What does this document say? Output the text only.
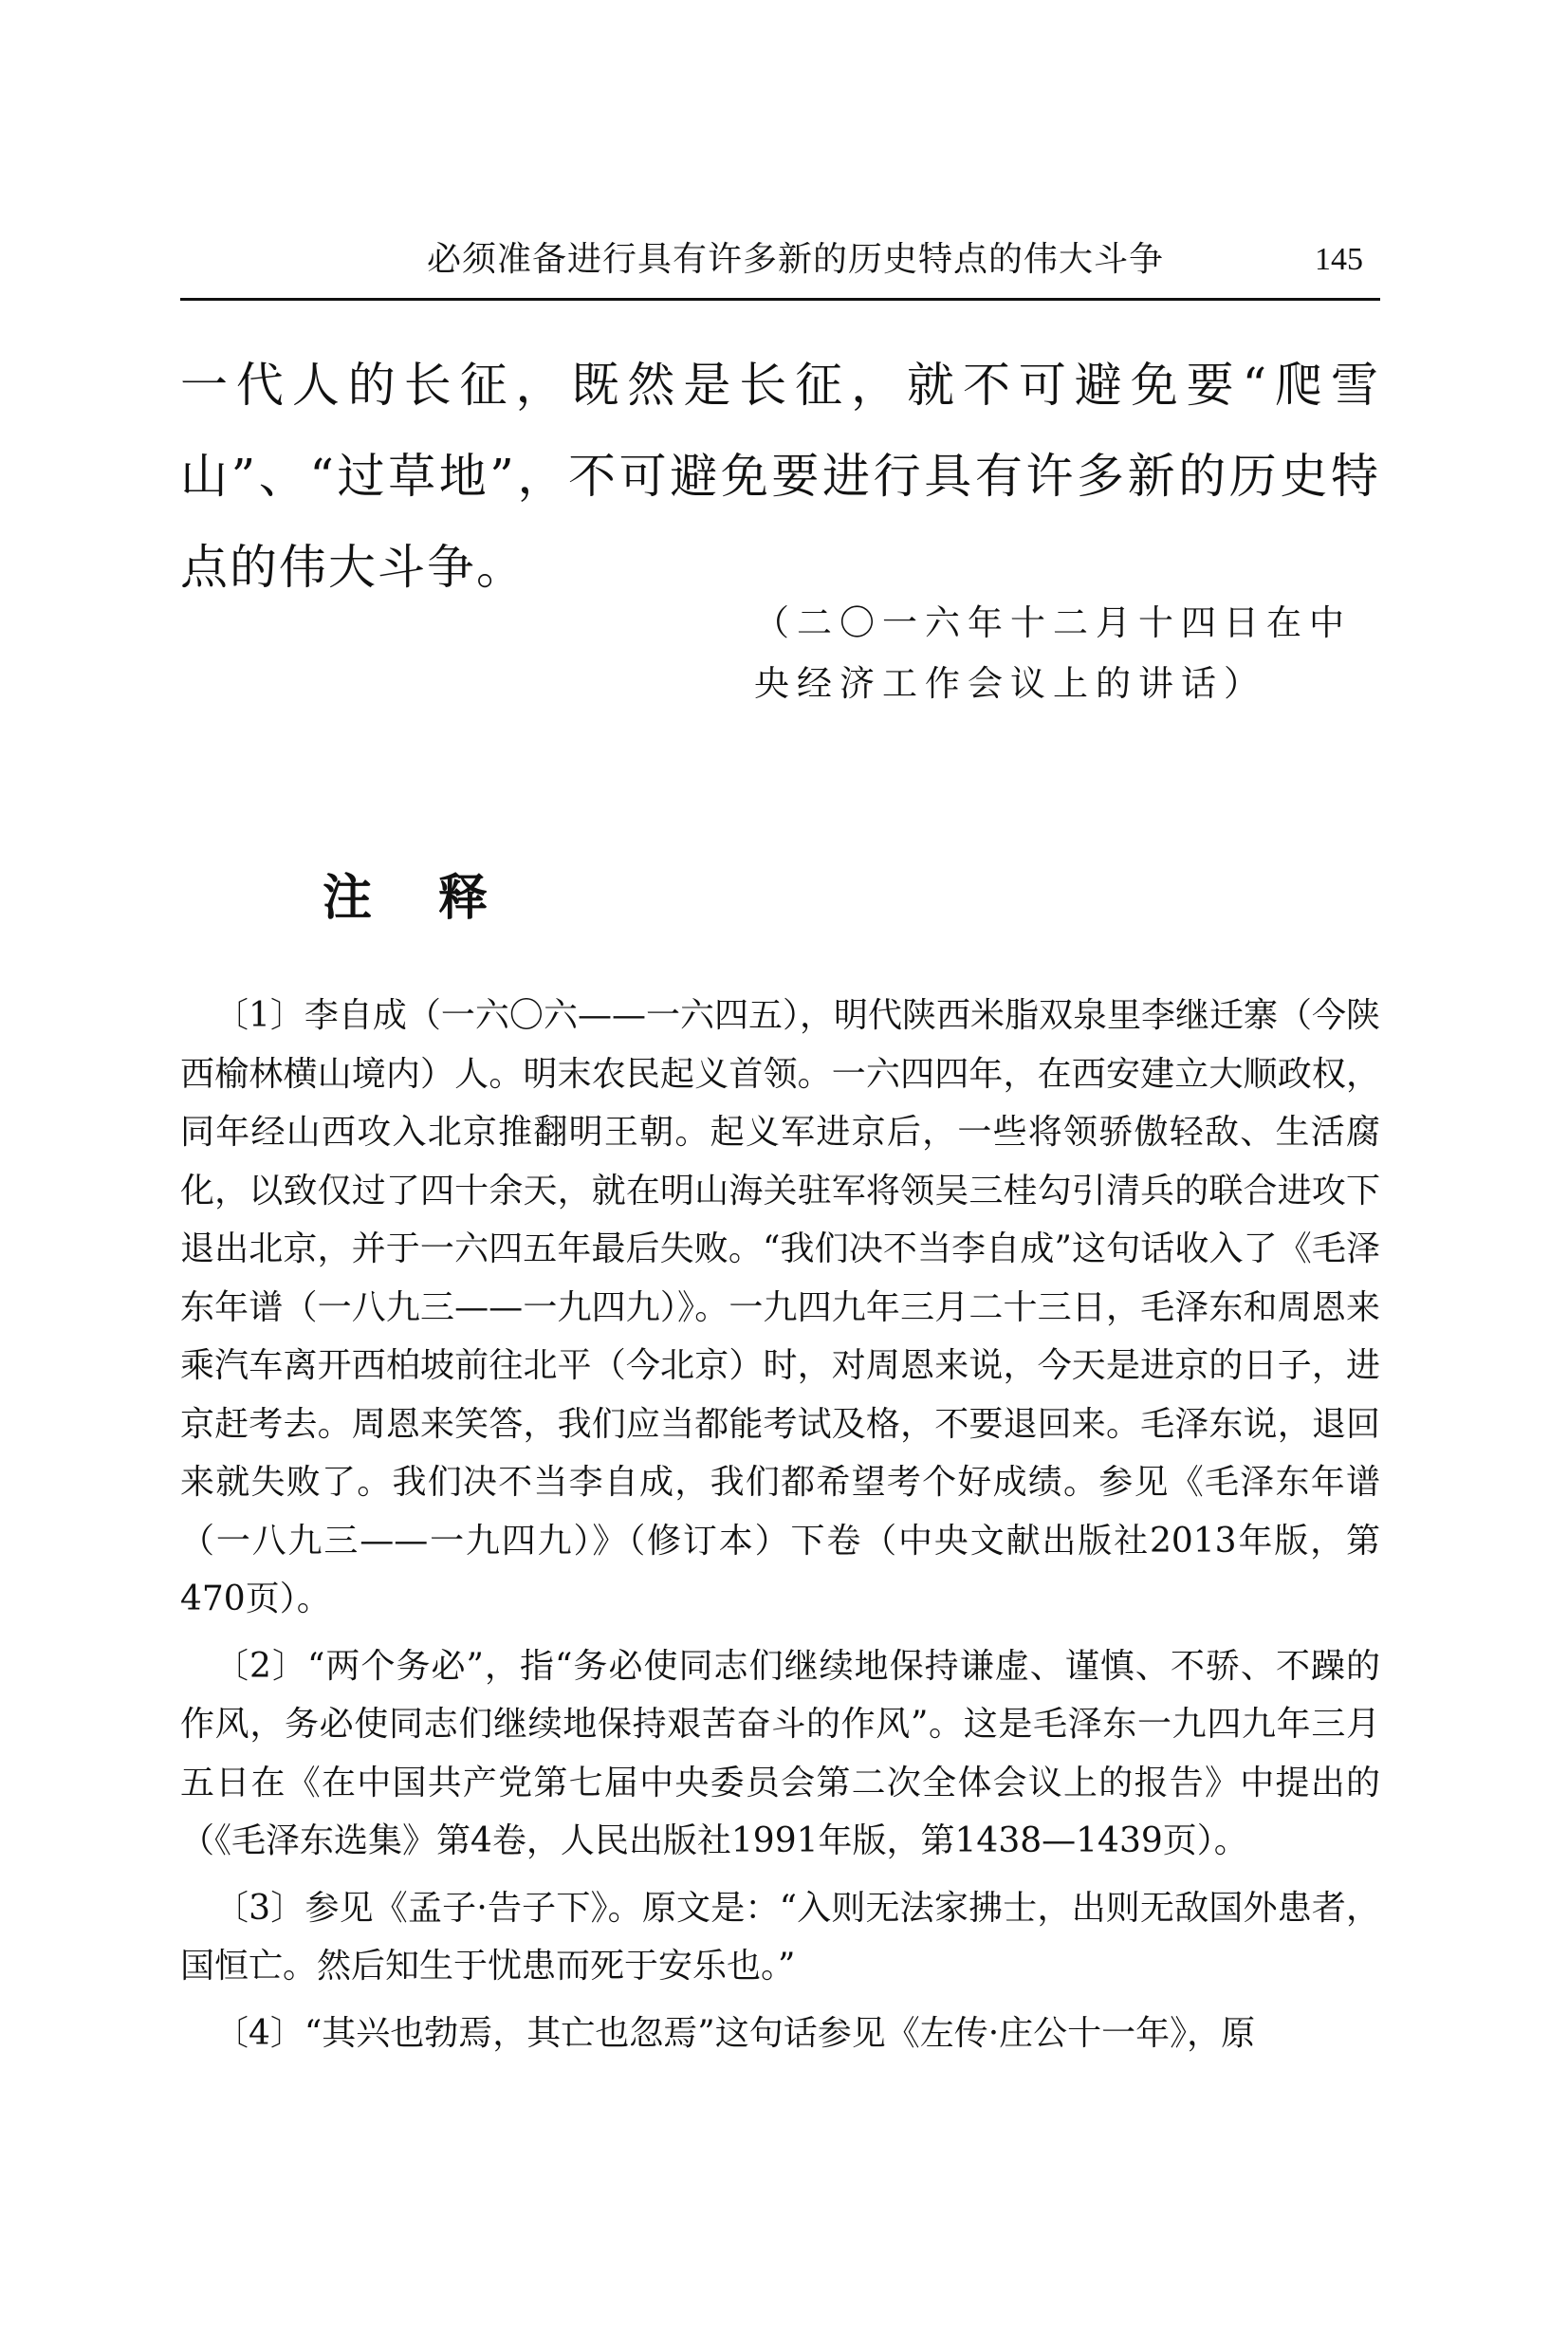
必须准备进行具有许多新的历史特点的伟大斗争	145

一代人的长征，既然是长征，就不可避免要“爬雪山”、“过草地”，不可避免要进行具有许多新的历史特点的伟大斗争。

（二〇一六年十二月十四日在中央经济工作会议上的讲话）

注 释

〔1〕李自成（一六〇六——一六四五），明代陕西米脂双泉里李继迁寨（今陕西榆林横山境内）人。明末农民起义首领。一六四四年，在西安建立大顺政权，同年经山西攻入北京推翻明王朝。起义军进京后，一些将领骄傲轻敌、生活腐化，以致仅过了四十余天，就在明山海关驻军将领吴三桂勾引清兵的联合进攻下退出北京，并于一六四五年最后失败。“我们决不当李自成”这句话收入了《毛泽东年谱（一八九三——一九四九）》。一九四九年三月二十三日，毛泽东和周恩来乘汽车离开西柏坡前往北平（今北京）时，对周恩来说，今天是进京的日子，进京赶考去。周恩来笑答，我们应当都能考试及格，不要退回来。毛泽东说，退回来就失败了。我们决不当李自成，我们都希望考个好成绩。参见《毛泽东年谱（一八九三——一九四九）》（修订本）下卷（中央文献出版社2013年版，第470页）。

〔2〕“两个务必”，指“务必使同志们继续地保持谦虚、谨慎、不骄、不躁的作风，务必使同志们继续地保持艰苦奋斗的作风”。这是毛泽东一九四九年三月五日在《在中国共产党第七届中央委员会第二次全体会议上的报告》中提出的（《毛泽东选集》第4卷，人民出版社1991年版，第1438—1439页）。

〔3〕参见《孟子·告子下》。原文是：“入则无法家拂士，出则无敌国外患者，国恒亡。然后知生于忧患而死于安乐也。”

〔4〕“其兴也勃焉，其亡也忽焉”这句话参见《左传·庄公十一年》，原
